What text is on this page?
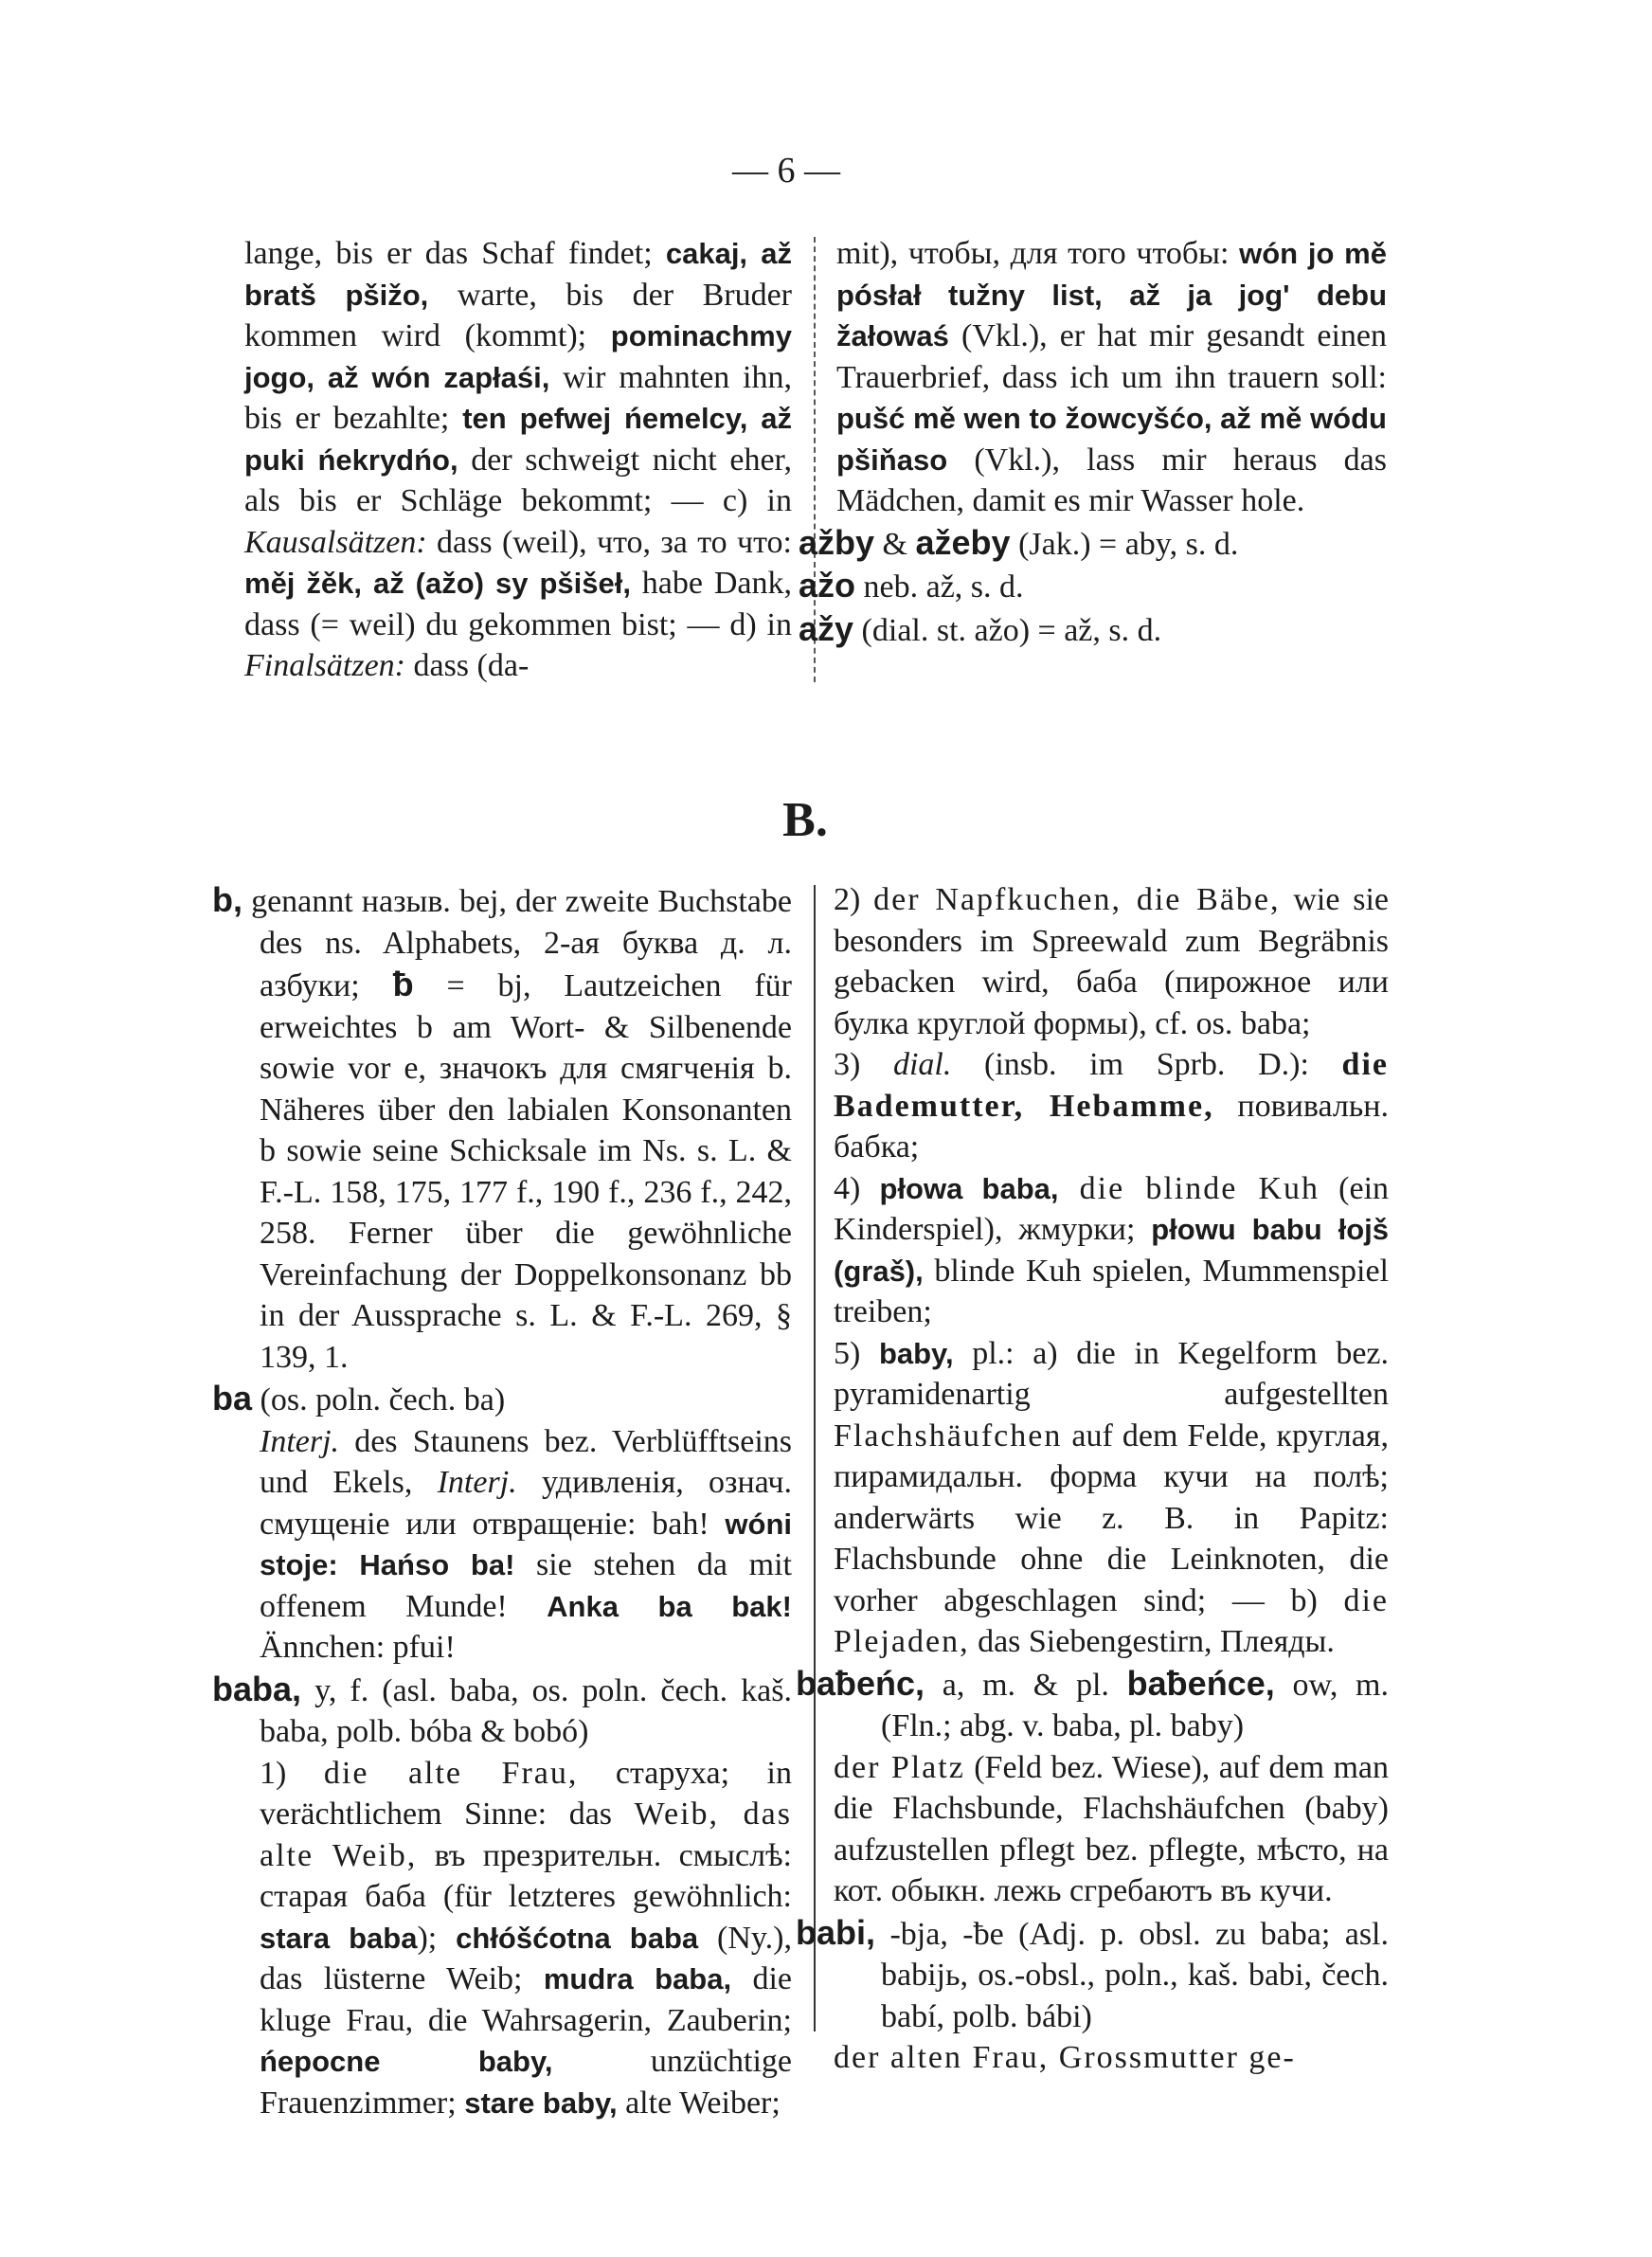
— 6 —

lange, bis er das Schaf findet; cakaj, až bratš pšižo, warte, bis der Bruder kommen wird (kommt); pominachmy jogo, až wón zapłaśi, wir mahnten ihn, bis er bezahlte; ten pefwej ńemelcy, až puki ńekrydńo, der schweigt nicht eher, als bis er Schläge bekommt; — c) in Kausalsätzen: dass (weil), что, за то что: měj žěk, až (ažo) sy pšišeł, habe Dank, dass (= weil) du gekommen bist; — d) in Finalsätzen: dass (da-

mit), чтобы, для того чтобы: wón jo mě pósłał tužny list, až ja jog' debu žałowaś (Vkl.), er hat mir gesandt einen Trauerbrief, dass ich um ihn trauern soll: pušć mě wen to žowcyšćo, až mě wódu pšiňaso (Vkl.), lass mir heraus das Mädchen, damit es mir Wasser hole.

ažby & ažeby (Jak.) = aby, s. d.

ažo neb. až, s. d.

ažy (dial. st. ažo) = až, s. d.

B.

b, genannt назыв. bej, der zweite Buchstabe des ns. Alphabets, 2-ая буква д. л. азбуки; ƀ = bj, Lautzeichen für erweichtes b am Wort- & Silbenende sowie vor e, значокъ для смягченія b. Näheres über den labialen Konsonanten b sowie seine Schicksale im Ns. s. L. & F.-L. 158, 175, 177 f., 190 f., 236 f., 242, 258. Ferner über die gewöhnliche Vereinfachung der Doppelkonsonanz bb in der Aussprache s. L. & F.-L. 269, § 139, 1.

ba (os. poln. čech. ba)

Interj. des Staunens bez. Verblüfftseins und Ekels, Interj. удивленія, означ. смущеніе или отвращеніе: bah! wóni stoje: Hańso ba! sie stehen da mit offenem Munde! Anka ba bak! Ännchen: pfui!

baba, y, f. (asl. baba, os. poln. čech. kaš. baba, polb. bóba & bobó)

1) die alte Frau, старуха; in verächtlichem Sinne: das Weib, das alte Weib, въ презрительн. смыслѣ: старая баба (für letzteres gewöhnlich: stara baba); chłóšćotna baba (Ny.), das lüsterne Weib; mudra baba, die kluge Frau, die Wahrsagerin, Zauberin; ńepocne baby, unzüchtige Frauenzimmer; stare baby, alte Weiber;

2) der Napfkuchen, die Bäbe, wie sie besonders im Spreewald zum Begräbnis gebacken wird, баба (пирожное или булка круглой формы), cf. os. baba;

3) dial. (insb. im Sprb. D.): die Bademutter, Hebamme, повивальн. бабка;

4) płowa baba, die blinde Kuh (ein Kinderspiel), жмурки; płowu babu łojš (graš), blinde Kuh spielen, Mummenspiel treiben;

5) baby, pl.: a) die in Kegelform bez. pyramidenartig aufgestellten Flachshäufchen auf dem Felde, круглая, пирамидальн. форма кучи на полѣ; anderwärts wie z. B. in Papitz: Flachsbunde ohne die Leinknoten, die vorher abgeschlagen sind; — b) die Plejaden, das Siebengestirn, Плеяды.

baƀeńc, a, m. & pl. baƀeńce, ow, m. (Fln.; abg. v. baba, pl. baby)

der Platz (Feld bez. Wiese), auf dem man die Flachsbunde, Flachshäufchen (baby) aufzustellen pflegt bez. pflegte, мѣсто, на кот. обыкн. лежь сгребаютъ въ кучи.

babi, -bja, -ƀe (Adj. p. obsl. zu baba; asl. babijь, os.-obsl., poln., kaš. babi, čech. babí, polb. bábi)

der alten Frau, Grossmutter ge-
